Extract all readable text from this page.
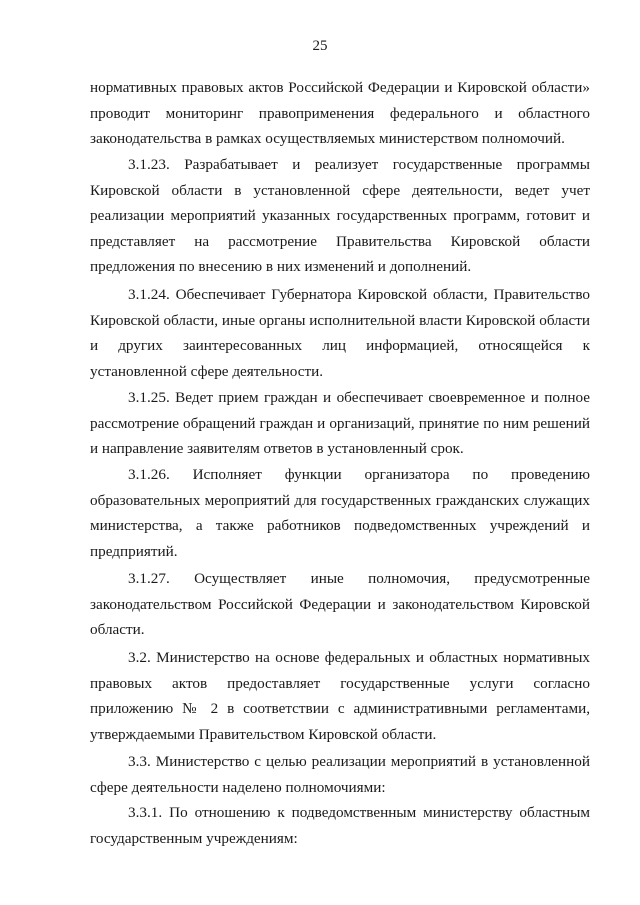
25

нормативных правовых актов Российской Федерации и Кировской области» проводит мониторинг правоприменения федерального и областного законодательства в рамках осуществляемых министерством полномочий.

3.1.23. Разрабатывает и реализует государственные программы Кировской области в установленной сфере деятельности, ведет учет реализации мероприятий указанных государственных программ, готовит и представляет на рассмотрение Правительства Кировской области предложения по внесению в них изменений и дополнений.

3.1.24. Обеспечивает Губернатора Кировской области, Правительство Кировской области, иные органы исполнительной власти Кировской области и других заинтересованных лиц информацией, относящейся к установленной сфере деятельности.

3.1.25. Ведет прием граждан и обеспечивает своевременное и полное рассмотрение обращений граждан и организаций, принятие по ним решений и направление заявителям ответов в установленный срок.

3.1.26. Исполняет функции организатора по проведению образовательных мероприятий для государственных гражданских служащих министерства, а также работников подведомственных учреждений и предприятий.

3.1.27. Осуществляет иные полномочия, предусмотренные законодательством Российской Федерации и законодательством Кировской области.

3.2. Министерство на основе федеральных и областных нормативных правовых актов предоставляет государственные услуги согласно приложению № 2 в соответствии с административными регламентами, утверждаемыми Правительством Кировской области.

3.3. Министерство с целью реализации мероприятий в установленной сфере деятельности наделено полномочиями:

3.3.1. По отношению к подведомственным министерству областным государственным учреждениям:
